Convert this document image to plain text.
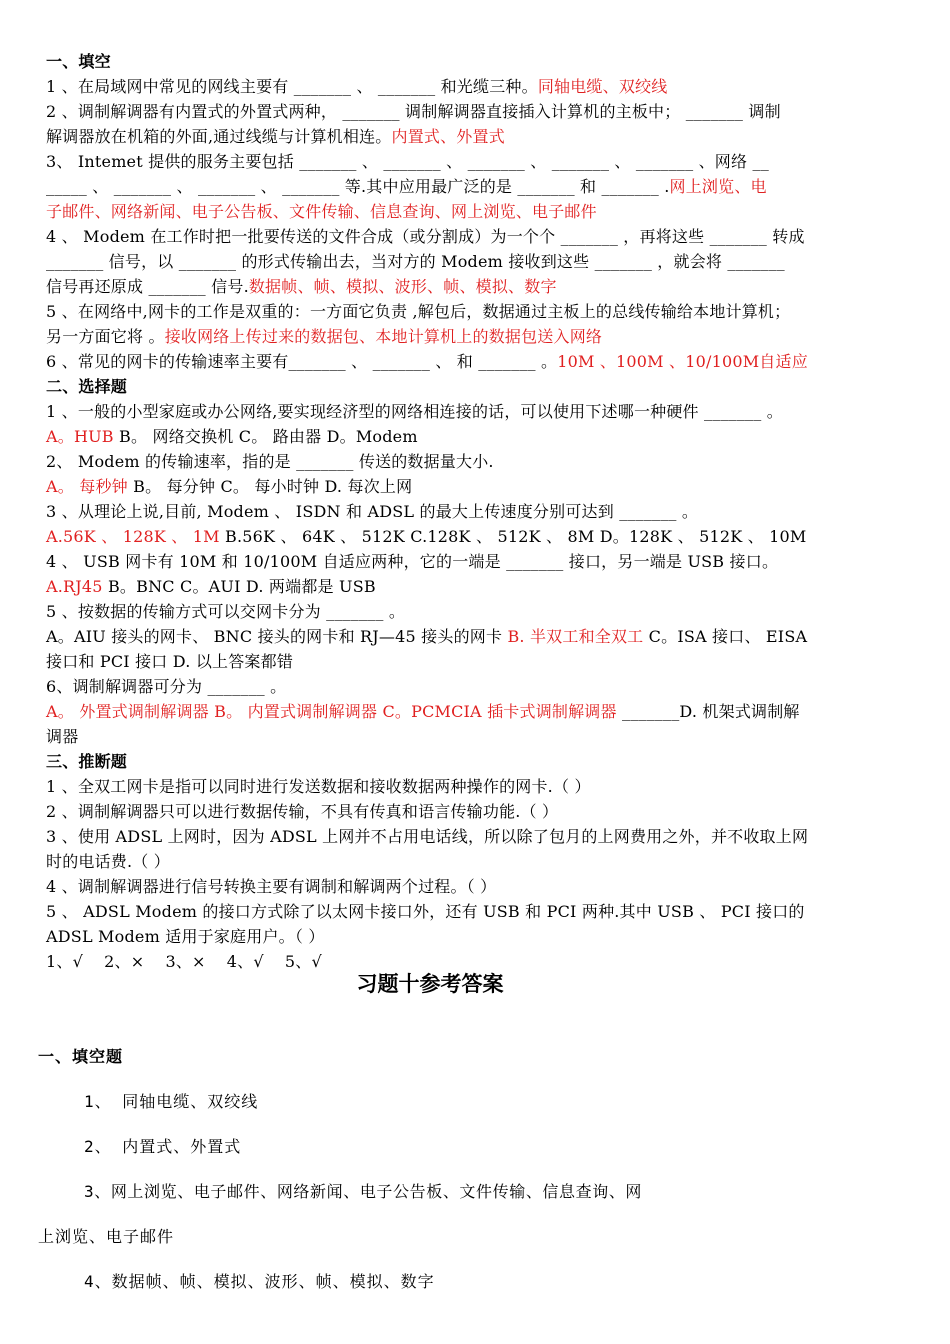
一、填空
1 、在局域网中常见的网线主要有 _______ 、 _______ 和光缆三种。同轴电缆、双绞线
2 、调制解调器有内置式的外置式两种， _______ 调制解调器直接插入计算机的主板中； _______ 调制
解调器放在机箱的外面,通过线缆与计算机相连。内置式、外置式
3、 Intemet 提供的服务主要包括 _______ 、 _______ 、 _______ 、 _______ 、 _______ 、网络 __
_____ 、 _______ 、 _______ 、 _______ 等.其中应用最广泛的是 _______ 和 _______ .网上浏览、电
子邮件、网络新闻、电子公告板、文件传输、信息查询、网上浏览、电子邮件
4 、 Modem 在工作时把一批要传送的文件合成（或分割成）为一个个 _______ ，再将这些 _______ 转成
_______ 信号，以 _______ 的形式传输出去，当对方的 Modem 接收到这些 _______ ，就会将 _______
信号再还原成 _______ 信号.数据帧、帧、模拟、波形、帧、模拟、数字
5 、在网络中,网卡的工作是双重的：一方面它负责 ,解包后，数据通过主板上的总线传输给本地计算机；
另一方面它将 。接收网络上传过来的数据包、本地计算机上的数据包送入网络
6 、常见的网卡的传输速率主要有_______ 、 _______ 、 和 _______ 。10M 、100M 、10/100M自适应
二、选择题
1 、一般的小型家庭或办公网络,要实现经济型的网络相连接的话，可以使用下述哪一种硬件 _______ 。
A。HUB B。 网络交换机 C。 路由器 D。Modem
2、 Modem 的传输速率，指的是 _______ 传送的数据量大小.
A。 每秒钟 B。 每分钟 C。 每小时钟 D. 每次上网
3 、从理论上说,目前, Modem 、 ISDN 和 ADSL 的最大上传速度分别可达到 _______ 。
A.56K 、 128K 、 1M B.56K 、 64K 、 512K C.128K 、 512K 、 8M D。128K 、 512K 、 10M
4 、 USB 网卡有 10M 和 10/100M 自适应两种，它的一端是 _______ 接口，另一端是 USB 接口。
A.RJ45 B。BNC C。AUI D. 两端都是 USB
5 、按数据的传输方式可以交网卡分为 _______ 。
A。AIU 接头的网卡、 BNC 接头的网卡和 RJ—45 接头的网卡 B. 半双工和全双工 C。ISA 接口、 EISA
接口和 PCI 接口 D. 以上答案都错
6、调制解调器可分为 _______ 。
A。 外置式调制解调器 B。 内置式调制解调器 C。PCMCIA 插卡式调制解调器 _______D. 机架式调制解
调器
三、推断题
1 、全双工网卡是指可以同时进行发送数据和接收数据两种操作的网卡.（ ）
2 、调制解调器只可以进行数据传输，不具有传真和语言传输功能.（ ）
3 、使用 ADSL 上网时，因为 ADSL 上网并不占用电话线，所以除了包月的上网费用之外，并不收取上网
时的电话费.（ ）
4 、调制解调器进行信号转换主要有调制和解调两个过程。（ ）
5 、 ADSL Modem 的接口方式除了以太网卡接口外，还有 USB 和 PCI 两种.其中 USB 、 PCI 接口的
ADSL Modem 适用于家庭用户。（ ）
1、√    2、×    3、×    4、√    5、√
习题十参考答案
一、填空题
1、 同轴电缆、双绞线
2、 内置式、外置式
3、网上浏览、电子邮件、网络新闻、电子公告板、文件传输、信息查询、网
上浏览、电子邮件
4、数据帧、帧、模拟、波形、帧、模拟、数字
